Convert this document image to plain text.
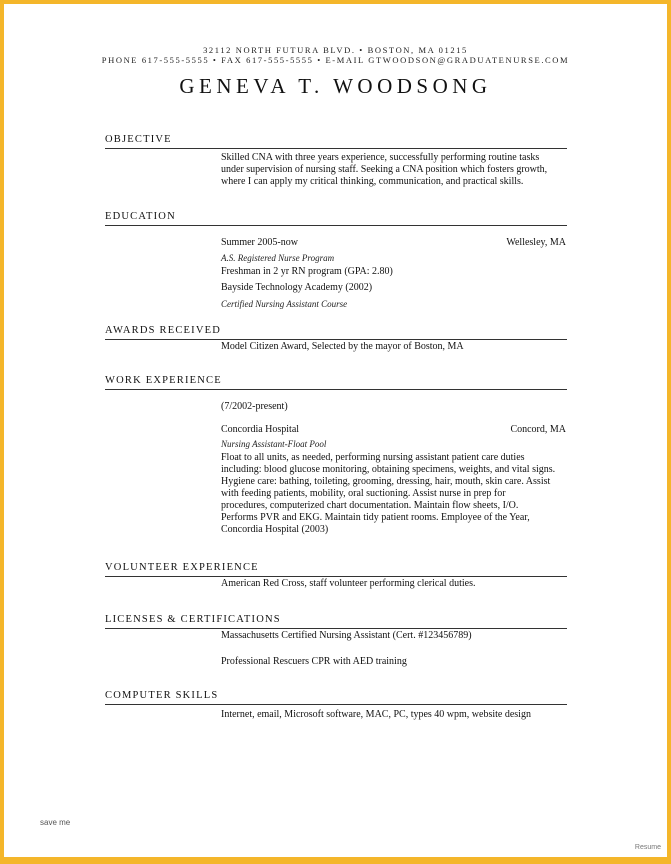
32112 NORTH FUTURA BLVD. • BOSTON, MA 01215
PHONE 617-555-5555 • FAX 617-555-5555 • E-MAIL GTWOODSON@GRADUATENURSE.COM
GENEVA T. WOODSONG
OBJECTIVE
Skilled CNA with three years experience, successfully performing routine tasks
under supervision of nursing staff. Seeking a CNA position which fosters growth,
where I can apply my critical thinking, communication, and practical skills.
EDUCATION
Summer 2005-now	Wellesley, MA
A.S. Registered Nurse Program
Freshman in 2 yr RN program (GPA: 2.80)
Bayside Technology Academy (2002)
Certified Nursing Assistant Course
AWARDS RECEIVED
Model Citizen Award, Selected by the mayor of Boston, MA
WORK EXPERIENCE
(7/2002-present)
Concordia Hospital	Concord, MA
Nursing Assistant-Float Pool
Float to all units, as needed, performing nursing assistant patient care duties
including: blood glucose monitoring, obtaining specimens, weights, and vital signs.
Hygiene care: bathing, toileting, grooming, dressing, hair, mouth, skin care. Assist
with feeding patients, mobility, oral suctioning. Assist nurse in prep for
procedures, computerized chart documentation. Maintain flow sheets, I/O.
Performs PVR and EKG. Maintain tidy patient rooms. Employee of the Year,
Concordia Hospital (2003)
VOLUNTEER EXPERIENCE
American Red Cross, staff volunteer performing clerical duties.
LICENSES & CERTIFICATIONS
Massachusetts Certified Nursing Assistant (Cert. #123456789)
Professional Rescuers CPR with AED training
COMPUTER SKILLS
Internet, email, Microsoft software, MAC, PC, types 40 wpm, website design
save me
Resume
